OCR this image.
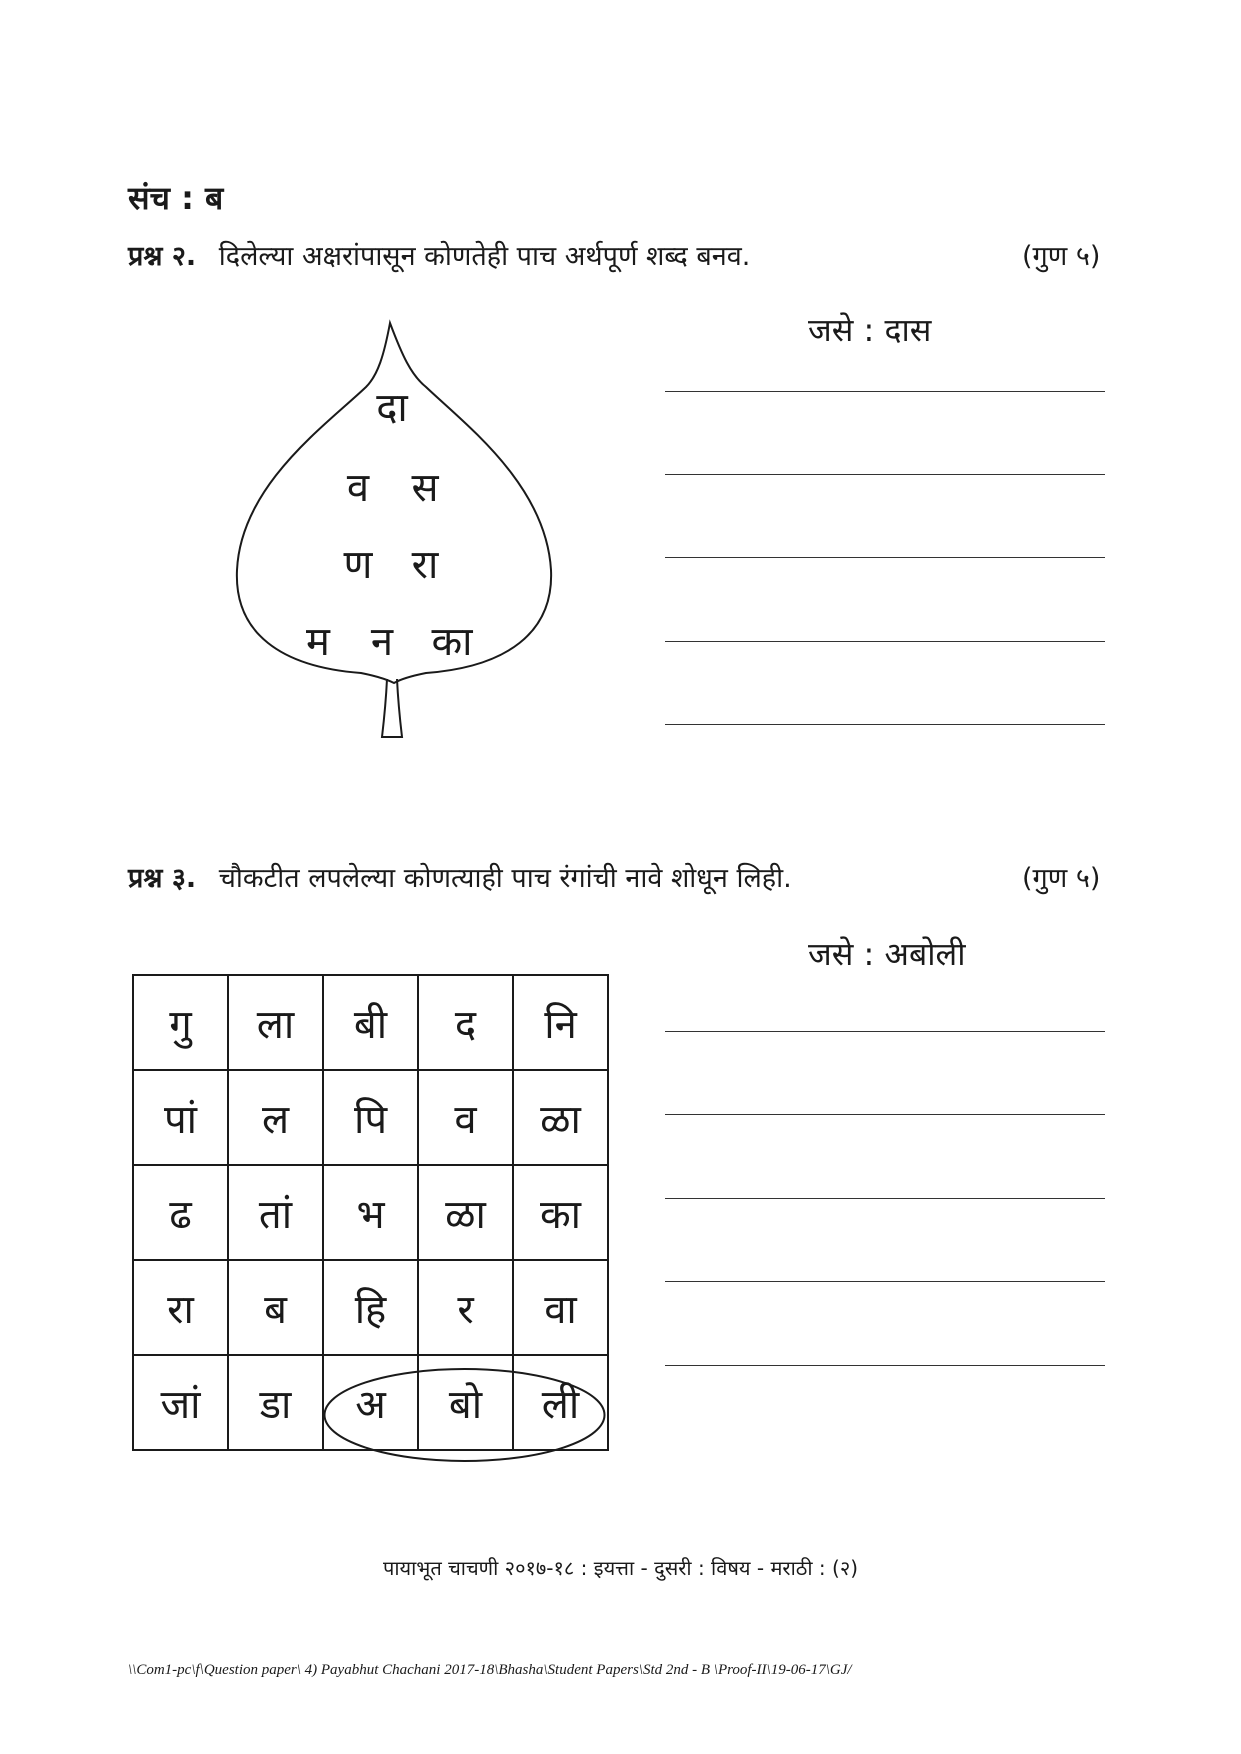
संच : ब
प्रश्न २. दिलेल्या अक्षरांपासून कोणतेही पाच अर्थपूर्ण शब्द बनव.	(गुण ५)
जसे : दास
दा
व	स
ण रा
म	न का
प्रश्न ३. चौकटीत लपलेल्या कोणत्याही पाच रंगांची नावे शोधून लिही.	(गुण ५)
जसे : अबोली
गु	ला	बी	द	नि
पां	ल	पि	व	ळा
ढ	तां	भ	ळा	का
रा	ब	हि	र	वा
जां	डा	अ	बो	ली
पायाभूत चाचणी २०१७-१८ : इयत्ता - दुसरी : विषय - मराठी : (२)
\\Com1-pc\f\Question paper\ 4) Payabhut Chachani 2017-18\Bhasha\Student Papers\Std 2nd - B \Proof-II\19-06-17\GJ/
